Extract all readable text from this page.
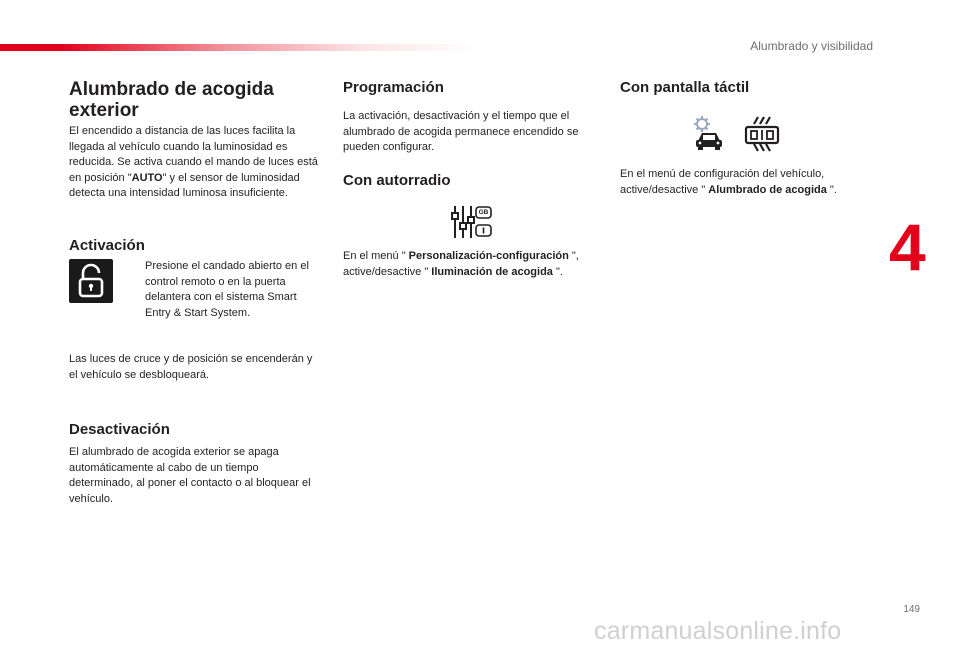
Alumbrado y visibilidad
4
149
carmanualsonline.info
Alumbrado de acogida exterior

El encendido a distancia de las luces facilita la llegada al vehículo cuando la luminosidad es reducida. Se activa cuando el mando de luces está en posición "AUTO" y el sensor de luminosidad detecta una intensidad luminosa insuficiente.

Activación

Presione el candado abierto en el control remoto o en la puerta delantera con el sistema Smart Entry & Start System.

Las luces de cruce y de posición se encenderán y el vehículo se desbloqueará.

Desactivación

El alumbrado de acogida exterior se apaga automáticamente al cabo de un tiempo determinado, al poner el contacto o al bloquear el vehículo.

Programación

La activación, desactivación y el tiempo que el alumbrado de acogida permanece encendido se pueden configurar.

Con autorradio
GB

En el menú " Personalización-configuración ", active/desactive " Iluminación de acogida ".

Con pantalla táctil

En el menú de configuración del vehículo, active/desactive " Alumbrado de acogida ".
